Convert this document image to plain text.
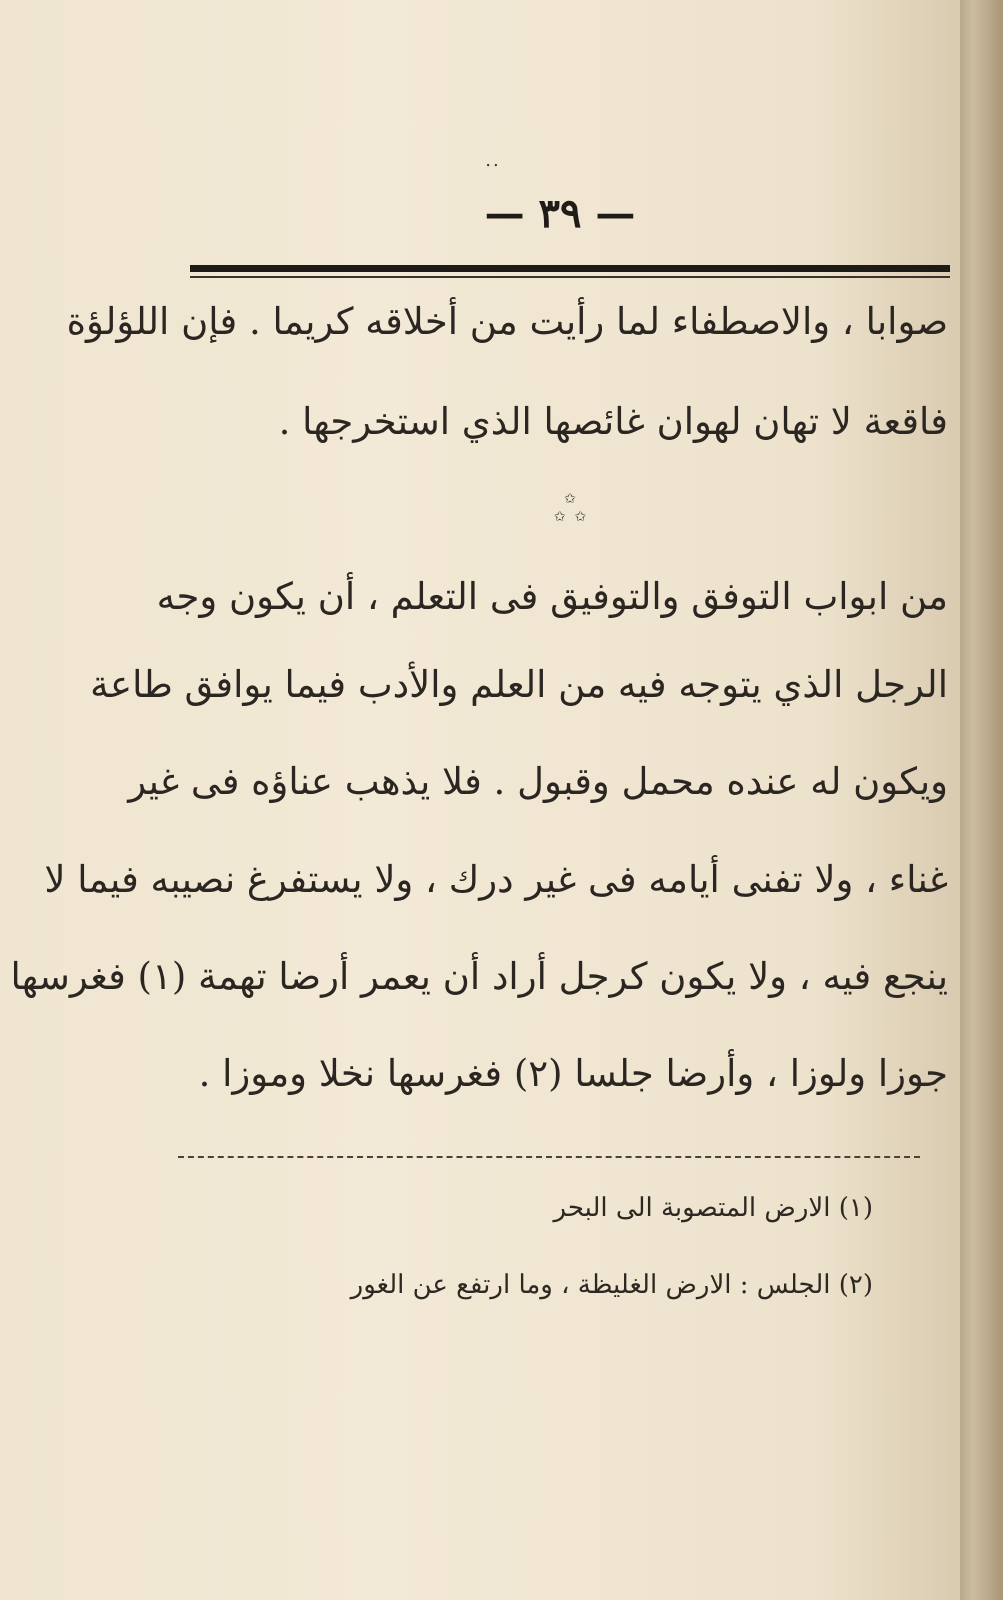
..
— ٣٩ —
صوابا ، والاصطفاء لما رأيت من أخلاقه كريما . فإن اللؤلؤة
فاقعة لا تهان لهوان غائصها الذي استخرجها .
✩
✩  ✩
من ابواب التوفق والتوفيق فى التعلم ، أن يكون وجه
الرجل الذي يتوجه فيه من العلم والأدب فيما يوافق طاعة
ويكون له عنده محمل وقبول . فلا يذهب عناؤه فى غير
غناء ، ولا تفنى أيامه فى غير درك ، ولا يستفرغ نصيبه فيما لا
ينجع فيه ، ولا يكون كرجل أراد أن يعمر أرضا تهمة (١) فغرسها
جوزا ولوزا ، وأرضا جلسا (٢) فغرسها نخلا وموزا .
(١) الارض المتصوبة الى البحر
(٢) الجلس : الارض الغليظة ، وما ارتفع عن الغور
